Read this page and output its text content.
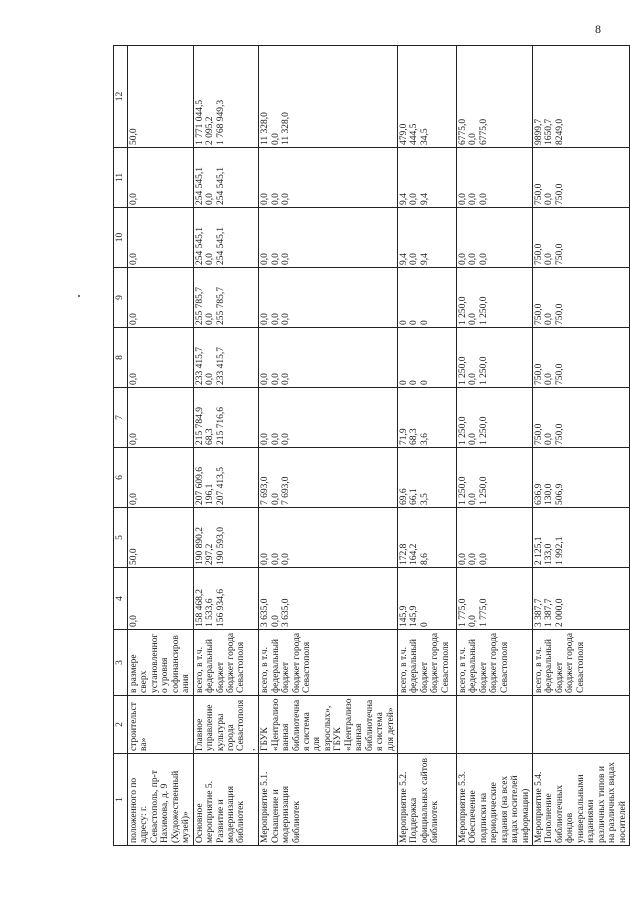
8
1	2	3	4	5	6	7	8	9	10	11	12
положенного по адресу: г. Севастополь, пр-т Нахимова, д. 9 (Художественный музей)»	строительства»	в размере сверх установленного уровня софинансирования	0,0	50,0	0,0	0,0	0,0	0,0	0,0	0,0	50,0

Основное мероприятие 5. Развитие и модернизация библиотек	Главное управление культуры города Севастополя,	всего, в т.ч. федеральный бюджет бюджет города Севастополя	158 468,2 1 533,6 156 934,6	190 890,2 297,2 190 593,0	207 609,6 196,1 207 413,5	215 784,9 68,3 215 716,6	233 415,7 0,0 233 415,7	255 785,7 0,0 255 785,7	254 545,1 0,0 254 545,1	254 545,1 0,0 254 545,1	1 771 044,5 2 095,2 1 768 949,3

Мероприятие 5.1. Оснащение и модернизация библиотек	ГБУК «Централизованная библиотечная система для взрослых», ГБУК «Централизованная библиотечная система для детей»	всего, в т.ч. федеральный бюджет бюджет города Севастополя	3 635,0 0,0 3 635,0	0,0 0,0 0,0	7 693,0 0,0 7 693,0	0,0 0,0 0,0	0,0 0,0 0,0	0,0 0,0 0,0	0,0 0,0 0,0	0,0 0,0 0,0	11 328,0 0,0 11 328,0

Мероприятие 5.2. Поддержка официальных сайтов библиотек		всего, в т.ч. федеральный бюджет бюджет города Севастополя	145,9 145,9 0	172,8 164,2 8,6	69,6 66,1 3,5	71,9 68,3 3,6	0 0 0	0 0 0	9,4 0,0 9,4	9,4 0,0 9,4	479,0 444,5 34,5

Мероприятие 5.3. Обеспечение подписки на периодические издания (на всех видах носителей информации)		всего, в т.ч. федеральный бюджет бюджет города Севастополя	1 775,0 0,0 1 775,0	0,0 0,0 0,0	1 250,0 0,0 1 250,0	1 250,0 0,0 1 250,0	1 250,0 0,0 1 250,0	1 250,0 0,0 1 250,0	0,0 0,0 0,0	0,0 0,0 0,0	6775,0 0,0 6775,0

Мероприятие 5.4. Пополнение библиотечных фондов универсальными изданиями различных типов и на различных видах носителей		всего, в т.ч. федеральный бюджет бюджет города Севастополя	3 387,7 1 387,7 2 000,0	2 125,1 133,0 1 992,1	636,9 130,0 506,9	750,0 0,0 750,0	750,0 0,0 750,0	750,0 0,0 750,0	750,0 0,0 750,0	750,0 0,0 750,0	9899,7 1650,7 8249,0
